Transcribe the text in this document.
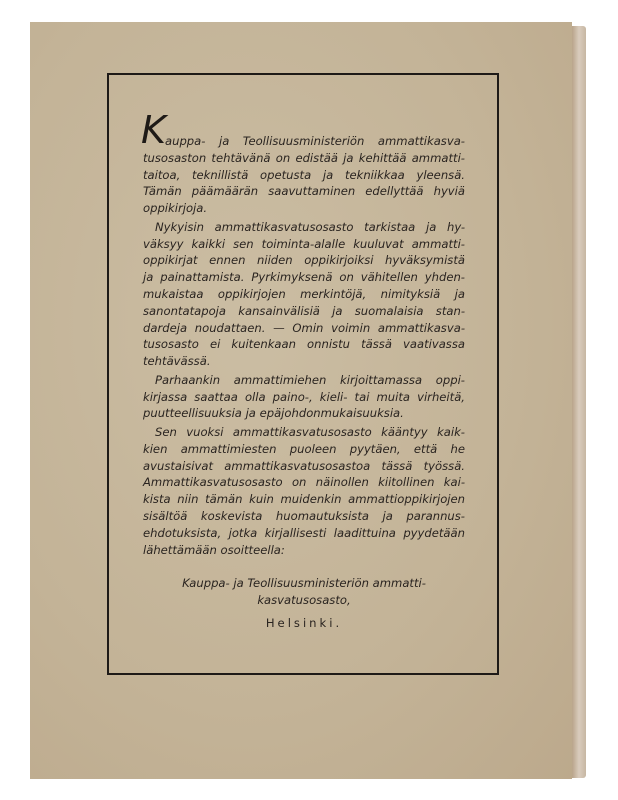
K auppa- ja Teollisuusministeriön ammattikasva-
tusosaston tehtävänä on edistää ja kehittää ammatti-
taitoa, teknillistä opetusta ja tekniikkaa yleensä.
Tämän päämäärän saavuttaminen edellyttää hyviä
oppikirjoja.
Nykyisin ammattikasvatusosasto tarkistaa ja hy-
väksyy kaikki sen toiminta-alalle kuuluvat ammatti-
oppikirjat ennen niiden oppikirjoiksi hyväksymistä
ja painattamista. Pyrkimyksenä on vähitellen yhden-
mukaistaa oppikirjojen merkintöjä, nimityksiä ja
sanontatapoja kansainvälisiä ja suomalaisia stan-
dardeja noudattaen. — Omin voimin ammattikasva-
tusosasto ei kuitenkaan onnistu tässä vaativassa
tehtävässä.
Parhaankin ammattimiehen kirjoittamassa oppi-
kirjassa saattaa olla paino-, kieli- tai muita virheitä,
puutteellisuuksia ja epäjohdonmukaisuuksia.
Sen vuoksi ammattikasvatusosasto kääntyy kaik-
kien ammattimiesten puoleen pyytäen, että he
avustaisivat ammattikasvatusosastoa tässä työssä.
Ammattikasvatusosasto on näinollen kiitollinen kai-
kista niin tämän kuin muidenkin ammattioppikirjojen
sisältöä koskevista huomautuksista ja parannus-
ehdotuksista, jotka kirjallisesti laadittuina pyydetään
lähettämään osoitteella:
Kauppa- ja Teollisuusministeriön ammatti-
kasvatusosasto,
Helsinki.
